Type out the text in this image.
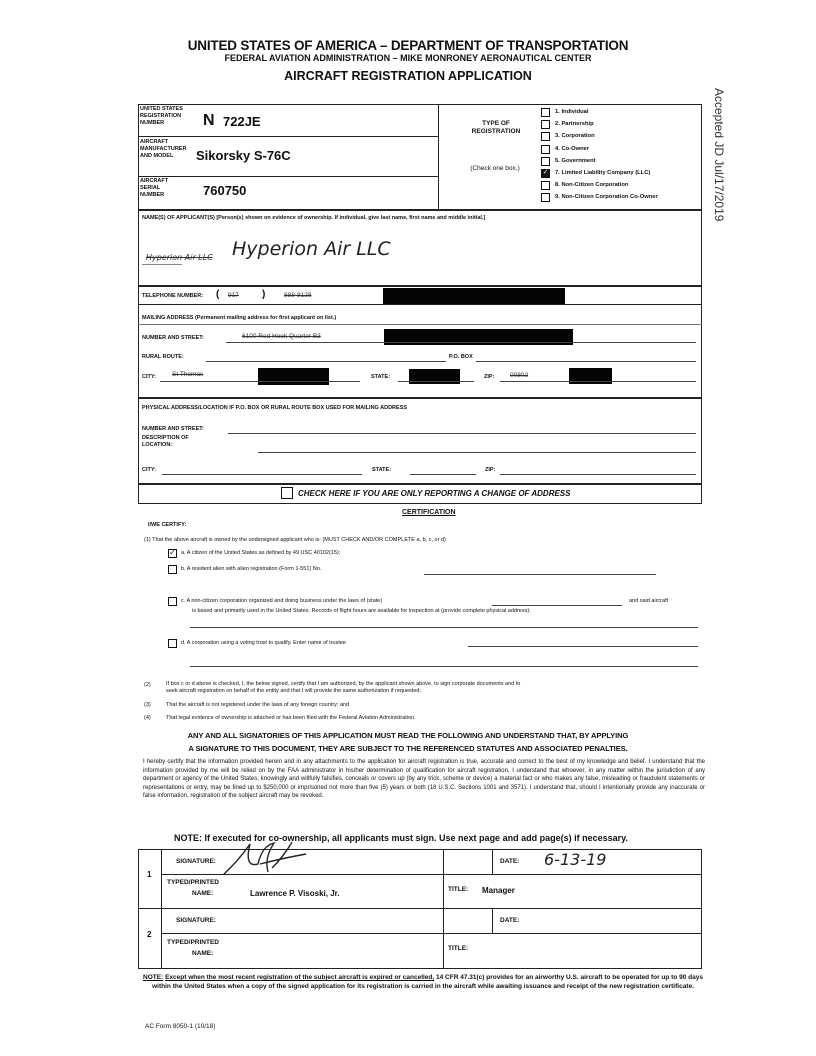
Accepted JD Jul/17/2019
UNITED STATES OF AMERICA – DEPARTMENT OF TRANSPORTATION
FEDERAL AVIATION ADMINISTRATION – MIKE MONRONEY AERONAUTICAL CENTER
AIRCRAFT REGISTRATION APPLICATION
UNITED STATES REGISTRATION NUMBER	N 722JE
AIRCRAFT MANUFACTURER AND MODEL	Sikorsky S-76C
AIRCRAFT SERIAL NUMBER	760750
TYPE OF REGISTRATION
(Check one box.)
1. Individual
2. Partnership
3. Corporation
4. Co-Owner
5. Government
✓ 7. Limited Liability Company (LLC)
8. Non-Citizen Corporation
9. Non-Citizen Corporation Co-Owner
NAME(S) OF APPLICANT(S) [Person(s) shown on evidence of ownership. If individual, give last name, first name and middle initial.]
Hyperion Air LLC Hyperion Air LLC
TELEPHONE NUMBER: ( 917 )	888-8128
MAILING ADDRESS (Permanent mailing address for first applicant on list.)
NUMBER AND STREET:	6100 Red Hook Quarter B3
RURAL ROUTE:	P.O. BOX
CITY: St Thomas	STATE:	ZIP: 00802
PHYSICAL ADDRESS/LOCATION IF P.O. BOX OR RURAL ROUTE BOX USED FOR MAILING ADDRESS
NUMBER AND STREET:
DESCRIPTION OF LOCATION:
CITY:	STATE:	ZIP:
CHECK HERE IF YOU ARE ONLY REPORTING A CHANGE OF ADDRESS
CERTIFICATION
I/WE CERTIFY:
(1) That the above aircraft is owned by the undersigned applicant who is: (MUST CHECK AND/OR COMPLETE a, b, c, or d)
✓ a. A citizen of the United States as defined by 49 USC 40102(15);
b. A resident alien with alien registration (Form 1-551) No.
c. A non-citizen corporation organized and doing business under the laws of (state)	and said aircraft
is based and primarily used in the United States. Records of flight hours are available for inspection at (provide complete physical address):
d. A corporation using a voting trust to qualify. Enter name of trustee
(2)	If box c or d above is checked, I, the below signed, certify that I am authorized, by the applicant shown above, to sign corporate documents and to
seek aircraft registration on behalf of the entity and that I will provide the same authorization if requested;
(3)	That the aircraft is not registered under the laws of any foreign country; and
(4)	That legal evidence of ownership is attached or has been filed with the Federal Aviation Administration.
ANY AND ALL SIGNATORIES OF THIS APPLICATION MUST READ THE FOLLOWING AND UNDERSTAND THAT, BY APPLYING
A SIGNATURE TO THIS DOCUMENT, THEY ARE SUBJECT TO THE REFERENCED STATUTES AND ASSOCIATED PENALTIES.
I hereby certify that the information provided herein and in any attachments to the application for aircraft registration is true, accurate and correct to the best of my knowledge and belief. I understand that the information provided by me will be relied on by the FAA administrator in his/her determination of qualification for aircraft registration. I understand that whoever, in any matter within the jurisdiction of any department or agency of the United States, knowingly and willfully falsifies, conceals or covers up (by any trick, scheme or device) a material fact or who makes any false, misleading or fraudulent statements or representations or entry, may be fined up to $250,000 or imprisoned not more than five (5) years or both (18 U.S.C. Sections 1001 and 3571). I understand that, should I intentionally provide any inaccurate or false information, registration of the subject aircraft may be revoked.
NOTE: If executed for co-ownership, all applicants must sign. Use next page and add page(s) if necessary.
1
SIGNATURE:	DATE: 6-13-19
TYPED/PRINTED
NAME:	Lawrence P. Visoski, Jr.	TITLE: Manager
2
SIGNATURE:	DATE:
TYPED/PRINTED
NAME:
TITLE:
NOTE: Except when the most recent registration of the subject aircraft is expired or cancelled, 14 CFR 47.31(c) provides for an airworthy U.S. aircraft to be operated for up to 90 days within the United States when a copy of the signed application for its registration is carried in the aircraft while awaiting issuance and receipt of the new registration certificate.
AC Form 8050-1 (10/18)
